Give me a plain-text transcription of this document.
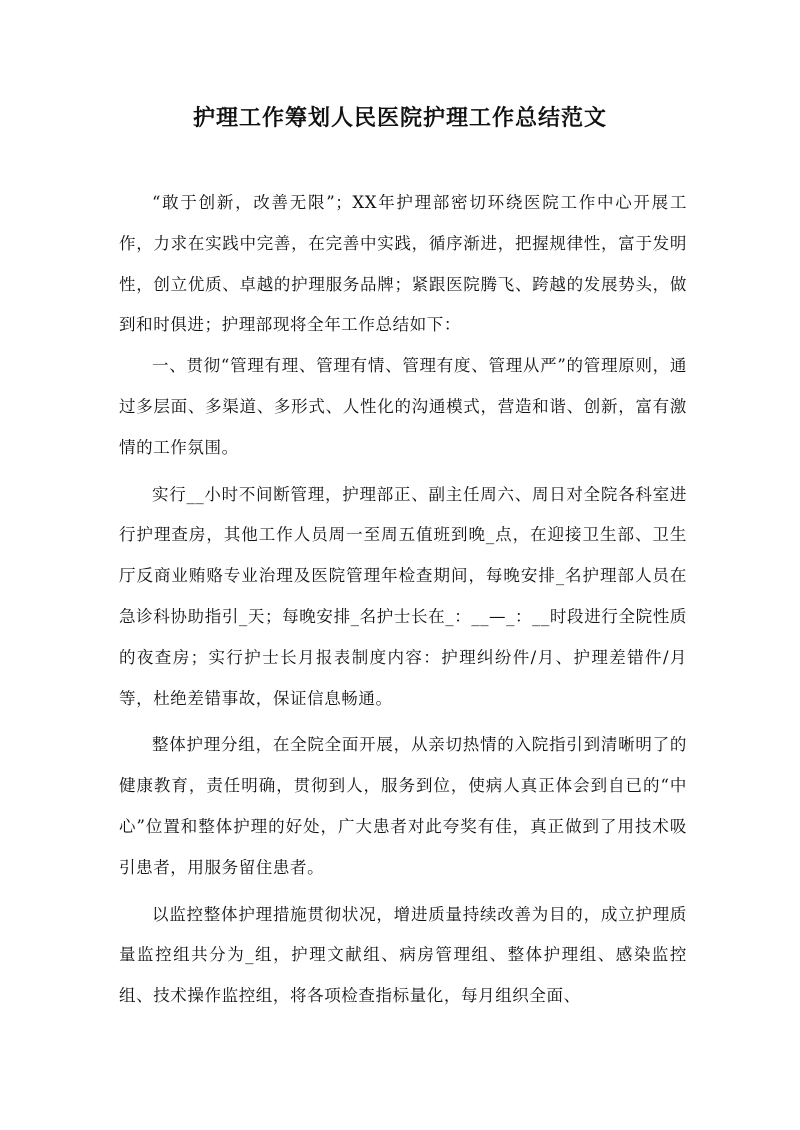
护理工作筹划人民医院护理工作总结范文

“敢于创新，改善无限”；XX年护理部密切环绕医院工作中心开展工作，力求在实践中完善，在完善中实践，循序渐进，把握规律性，富于发明性，创立优质、卓越的护理服务品牌；紧跟医院腾飞、跨越的发展势头，做到和时俱进；护理部现将全年工作总结如下：

一、贯彻“管理有理、管理有情、管理有度、管理从严”的管理原则，通过多层面、多渠道、多形式、人性化的沟通模式，营造和谐、创新，富有激情的工作氛围。

实行__小时不间断管理，护理部正、副主任周六、周日对全院各科室进行护理查房，其他工作人员周一至周五值班到晚_点，在迎接卫生部、卫生厅反商业贿赂专业治理及医院管理年检查期间，每晚安排_名护理部人员在急诊科协助指引_天；每晚安排_名护士长在_：__—_：__时段进行全院性质的夜查房；实行护士长月报表制度内容：护理纠纷件/月、护理差错件/月等，杜绝差错事故，保证信息畅通。

整体护理分组，在全院全面开展，从亲切热情的入院指引到清晰明了的健康教育，责任明确，贯彻到人，服务到位，使病人真正体会到自已的“中心”位置和整体护理的好处，广大患者对此夸奖有佳，真正做到了用技术吸引患者，用服务留住患者。

以监控整体护理措施贯彻状况，增进质量持续改善为目的，成立护理质量监控组共分为_组，护理文献组、病房管理组、整体护理组、感染监控组、技术操作监控组，将各项检查指标量化，每月组织全面、
